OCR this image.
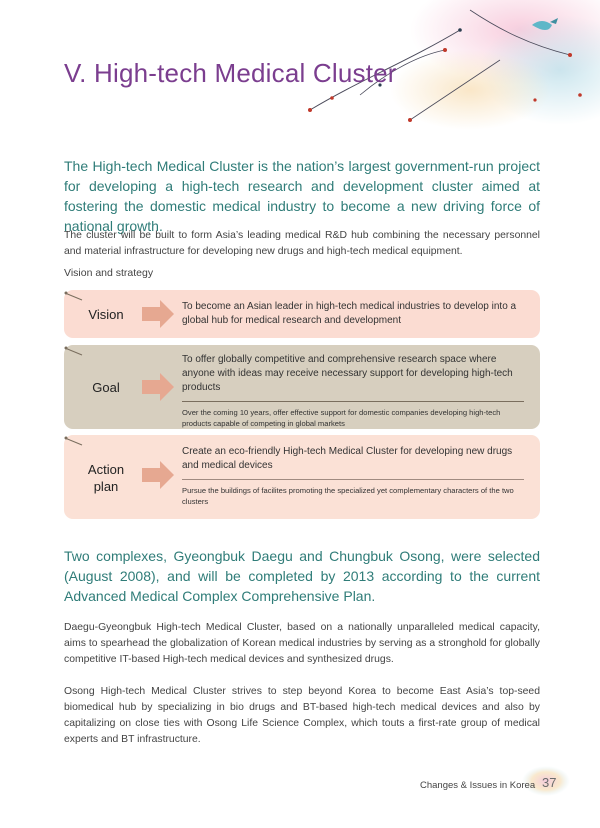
V. High-tech Medical Cluster

The High-tech Medical Cluster is the nation’s largest government-run project for developing a high-tech research and development cluster aimed at fostering the domestic medical industry to become a new driving force of national growth.

The cluster will be built to form Asia’s leading medical R&D hub combining the necessary personnel and material infrastructure for developing new drugs and high-tech medical equipment.

Vision and strategy
Vision
To become an Asian leader in high-tech medical industries to develop into a global hub for medical research and development
Goal
To offer globally competitive and comprehensive research space where anyone with ideas may receive necessary support for developing high-tech products
Over the coming 10 years, offer effective support for domestic companies developing high-tech products capable of competing in global markets
Action
plan
Create an eco-friendly High-tech Medical Cluster for developing new drugs and medical devices
Pursue the buildings of facilites promoting the specialized yet complementary characters of the two clusters

Two complexes, Gyeongbuk Daegu and Chungbuk Osong, were selected (August 2008), and will be completed by 2013 according to the current Advanced Medical Complex Comprehensive Plan.

Daegu-Gyeongbuk High-tech Medical Cluster, based on a nationally unparalleled medical capacity, aims to spearhead the globalization of Korean medical industries by serving as a stronghold for globally competitive IT-based High-tech medical devices and synthesized drugs.

Osong High-tech Medical Cluster strives to step beyond Korea to become East Asia’s top-seed biomedical hub by specializing in bio drugs and BT-based high-tech medical devices and also by capitalizing on close ties with Osong Life Science Complex, which touts a first-rate group of medical experts and BT infrastructure.

Changes & Issues in Korea 37
